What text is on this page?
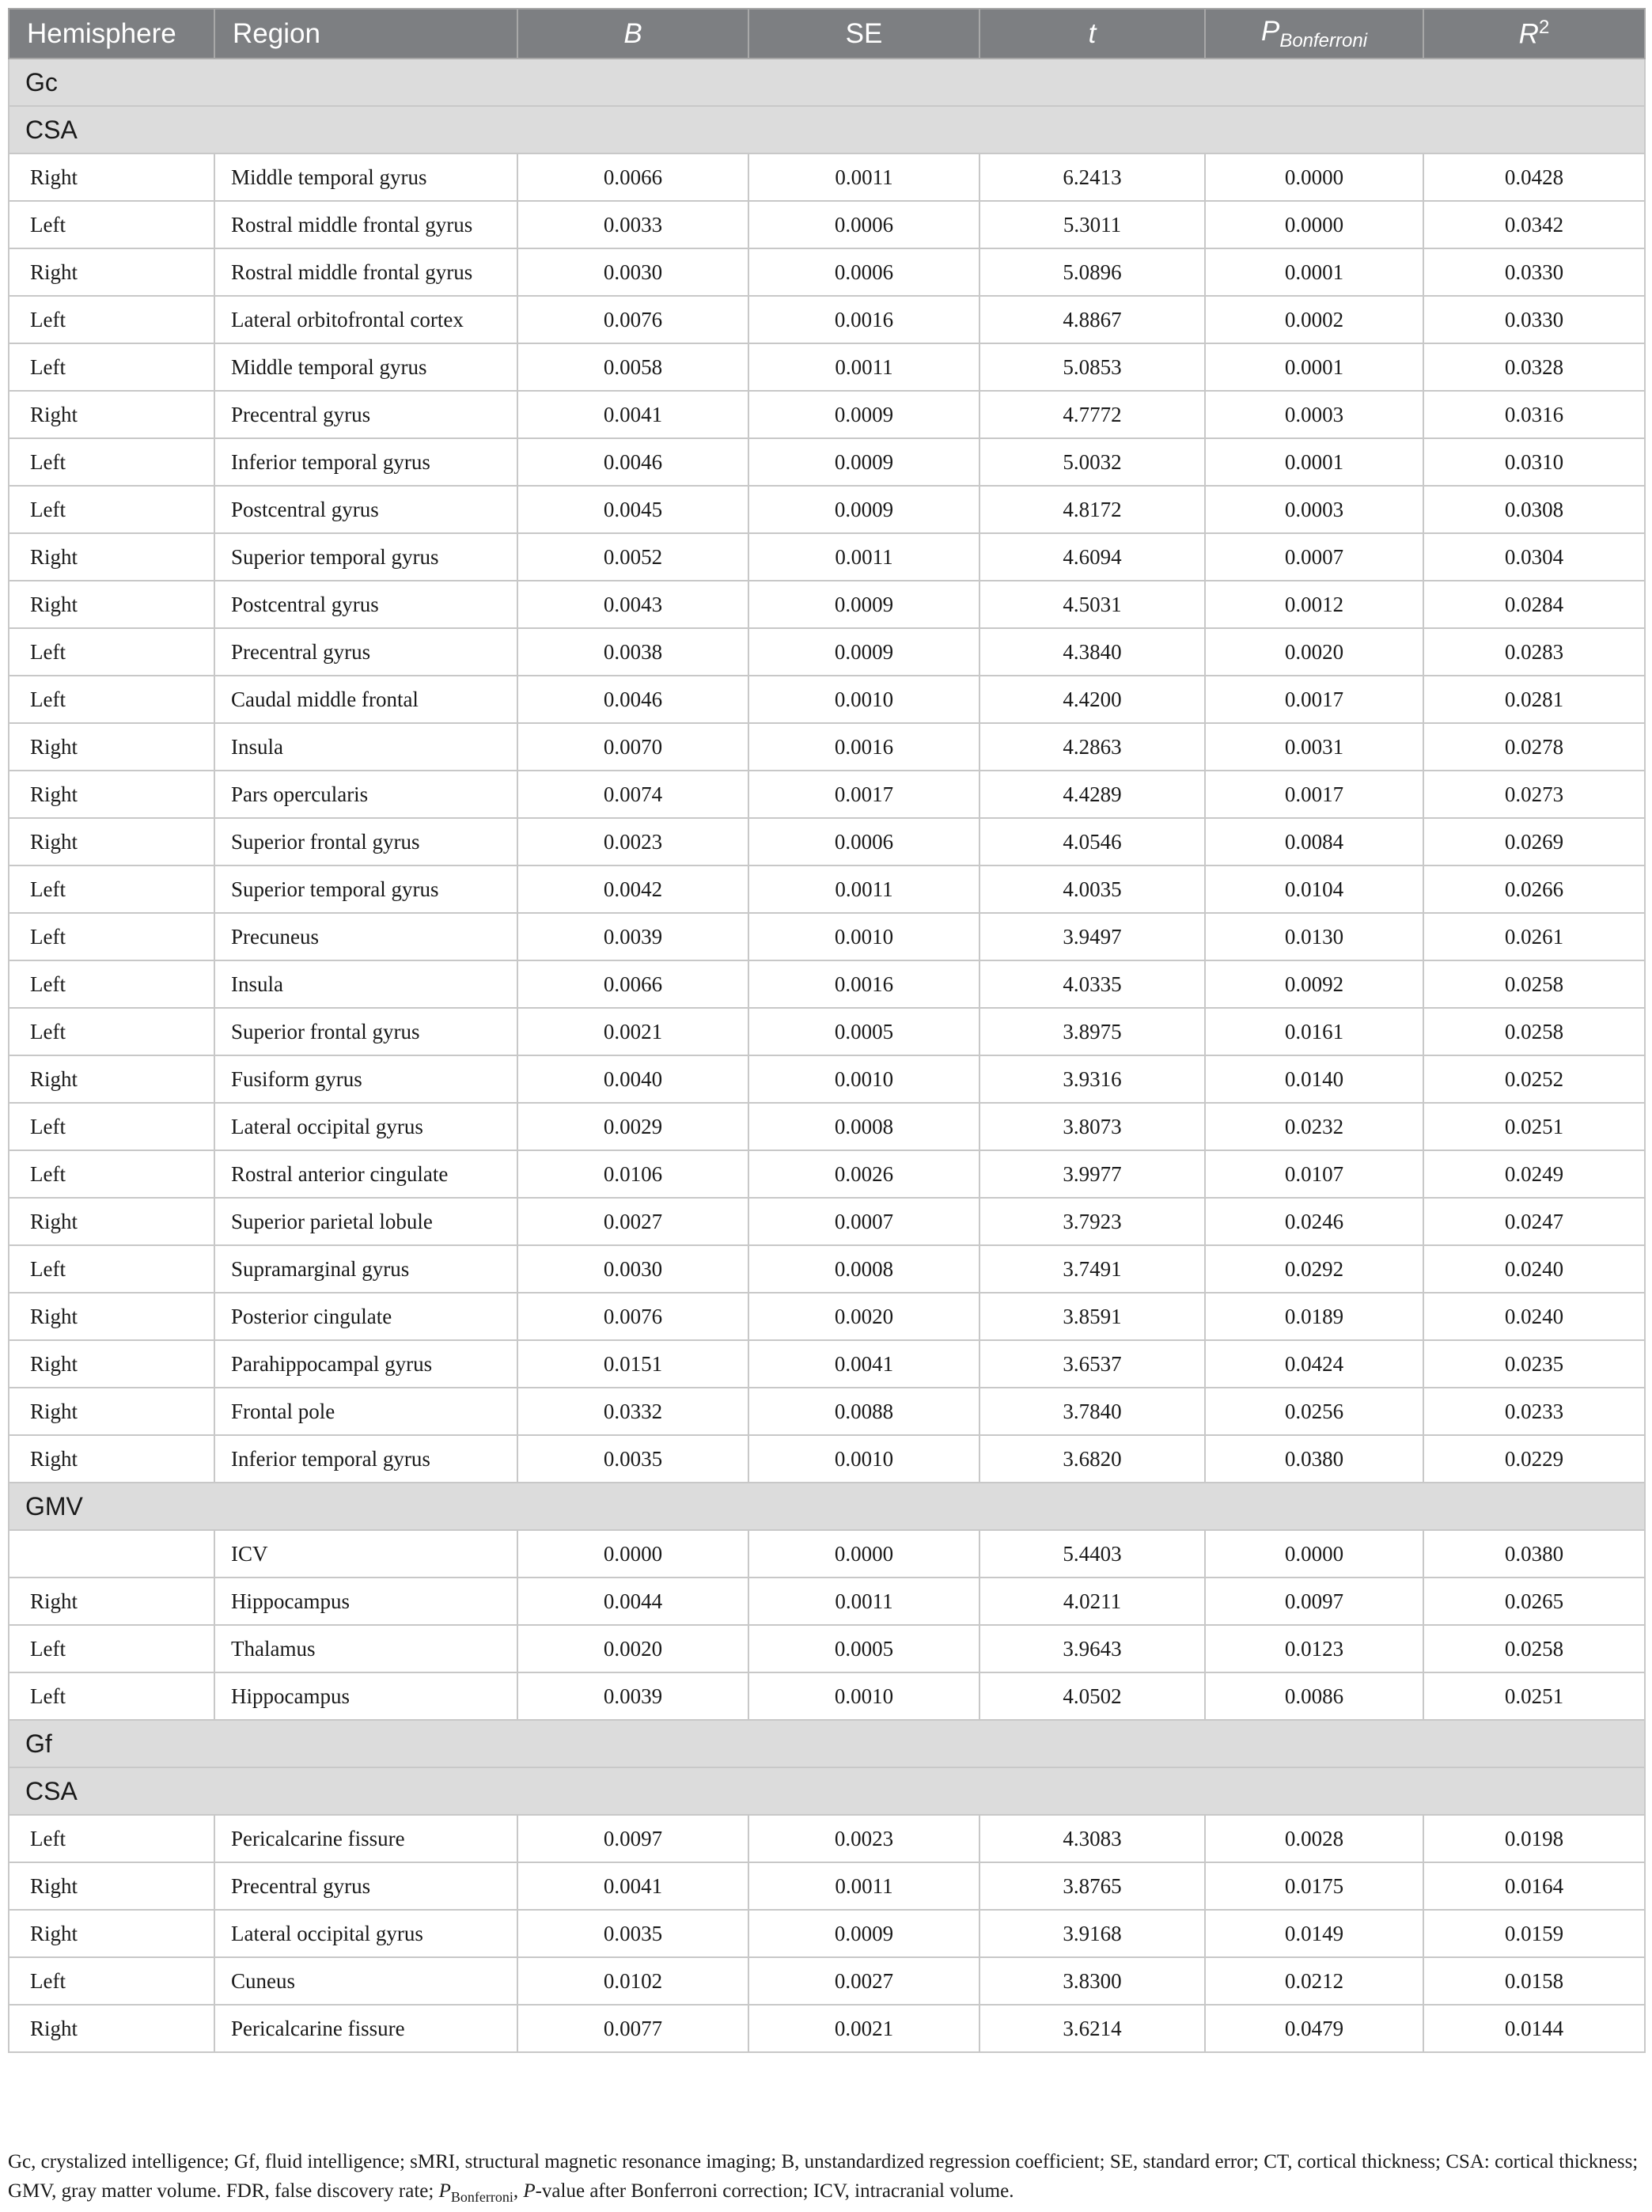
Hemisphere	Region	B	SE	t	$P_{Bonferroni}$	$R^2$
Gc						
CSA						
Right	Middle temporal gyrus	0.0066	0.0011	6.2413	0.0000	0.0428
Left	Rostral middle frontal gyrus	0.0033	0.0006	5.3011	0.0000	0.0342
Right	Rostral middle frontal gyrus	0.0030	0.0006	5.0896	0.0001	0.0330
Left	Lateral orbitofrontal cortex	0.0076	0.0016	4.8867	0.0002	0.0330
Left	Middle temporal gyrus	0.0058	0.0011	5.0853	0.0001	0.0328
Right	Precentral gyrus	0.0041	0.0009	4.7772	0.0003	0.0316
Left	Inferior temporal gyrus	0.0046	0.0009	5.0032	0.0001	0.0310
Left	Postcentral gyrus	0.0045	0.0009	4.8172	0.0003	0.0308
Right	Superior temporal gyrus	0.0052	0.0011	4.6094	0.0007	0.0304
Right	Postcentral gyrus	0.0043	0.0009	4.5031	0.0012	0.0284
Left	Precentral gyrus	0.0038	0.0009	4.3840	0.0020	0.0283
Left	Caudal middle frontal	0.0046	0.0010	4.4200	0.0017	0.0281
Right	Insula	0.0070	0.0016	4.2863	0.0031	0.0278
Right	Pars opercularis	0.0074	0.0017	4.4289	0.0017	0.0273
Right	Superior frontal gyrus	0.0023	0.0006	4.0546	0.0084	0.0269
Left	Superior temporal gyrus	0.0042	0.0011	4.0035	0.0104	0.0266
Left	Precuneus	0.0039	0.0010	3.9497	0.0130	0.0261
Left	Insula	0.0066	0.0016	4.0335	0.0092	0.0258
Left	Superior frontal gyrus	0.0021	0.0005	3.8975	0.0161	0.0258
Right	Fusiform gyrus	0.0040	0.0010	3.9316	0.0140	0.0252
Left	Lateral occipital gyrus	0.0029	0.0008	3.8073	0.0232	0.0251
Left	Rostral anterior cingulate	0.0106	0.0026	3.9977	0.0107	0.0249
Right	Superior parietal lobule	0.0027	0.0007	3.7923	0.0246	0.0247
Left	Supramarginal gyrus	0.0030	0.0008	3.7491	0.0292	0.0240
Right	Posterior cingulate	0.0076	0.0020	3.8591	0.0189	0.0240
Right	Parahippocampal gyrus	0.0151	0.0041	3.6537	0.0424	0.0235
Right	Frontal pole	0.0332	0.0088	3.7840	0.0256	0.0233
Right	Inferior temporal gyrus	0.0035	0.0010	3.6820	0.0380	0.0229
GMV						
	ICV	0.0000	0.0000	5.4403	0.0000	0.0380
Right	Hippocampus	0.0044	0.0011	4.0211	0.0097	0.0265
Left	Thalamus	0.0020	0.0005	3.9643	0.0123	0.0258
Left	Hippocampus	0.0039	0.0010	4.0502	0.0086	0.0251
Gf						
CSA						
Left	Pericalcarine fissure	0.0097	0.0023	4.3083	0.0028	0.0198
Right	Precentral gyrus	0.0041	0.0011	3.8765	0.0175	0.0164
Right	Lateral occipital gyrus	0.0035	0.0009	3.9168	0.0149	0.0159
Left	Cuneus	0.0102	0.0027	3.8300	0.0212	0.0158
Right	Pericalcarine fissure	0.0077	0.0021	3.6214	0.0479	0.0144
Gc, crystalized intelligence; Gf, fluid intelligence; sMRI, structural magnetic resonance imaging; B, unstandardized regression coefficient; SE, standard error; CT, cortical thickness; CSA: cortical thickness; GMV, gray matter volume. FDR, false discovery rate; $P_{Bonferroni}$, P-value after Bonferroni correction; ICV, intracranial volume.
